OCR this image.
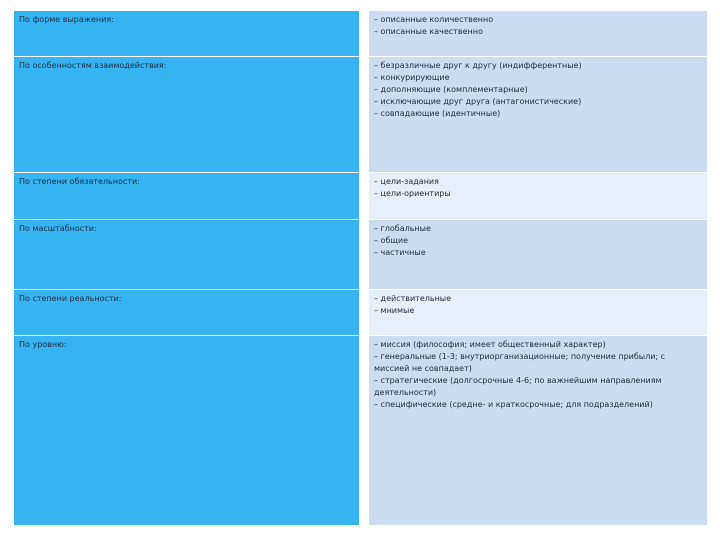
По форме выражения:	– описанные количественно
– описанные качественно

По особенностям взаимодействия:	– безразличные друг к другу (индифферентные)
– конкурирующие
– дополняющие (комплементарные)
– исключающие друг друга (антагонистические)
– совпадающие (идентичные)

По степени обязательности:	– цели-задания
– цели-ориентиры

По масштабности:	– глобальные
– общие
– частичные

По степени реальности:	– действительные
– мнимые

По уровню:	– миссия (философия; имеет общественный характер)
– генеральные (1-3; внутриорганизационные; получение прибыли; с миссией не совпадает)
– стратегические (долгосрочные 4-6; по важнейшим направлениям деятельности)
– специфические (средне- и краткосрочные; для подразделений)
